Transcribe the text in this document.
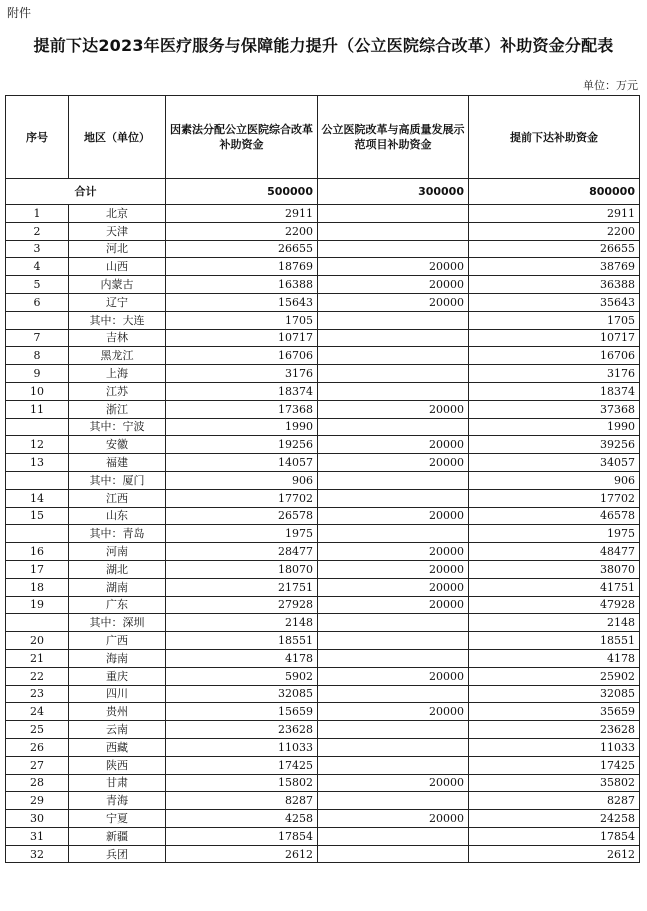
附件
提前下达2023年医疗服务与保障能力提升（公立医院综合改革）补助资金分配表
单位：万元
序号	地区（单位）	因素法分配公立医院综合改革补助资金	公立医院改革与高质量发展示范项目补助资金	提前下达补助资金
合计		500000	300000	800000
1	北京	2911		2911
2	天津	2200		2200
3	河北	26655		26655
4	山西	18769	20000	38769
5	内蒙古	16388	20000	36388
6	辽宁	15643	20000	35643
	其中：大连	1705		1705
7	吉林	10717		10717
8	黑龙江	16706		16706
9	上海	3176		3176
10	江苏	18374		18374
11	浙江	17368	20000	37368
	其中：宁波	1990		1990
12	安徽	19256	20000	39256
13	福建	14057	20000	34057
	其中：厦门	906		906
14	江西	17702		17702
15	山东	26578	20000	46578
	其中：青岛	1975		1975
16	河南	28477	20000	48477
17	湖北	18070	20000	38070
18	湖南	21751	20000	41751
19	广东	27928	20000	47928
	其中：深圳	2148		2148
20	广西	18551		18551
21	海南	4178		4178
22	重庆	5902	20000	25902
23	四川	32085		32085
24	贵州	15659	20000	35659
25	云南	23628		23628
26	西藏	11033		11033
27	陕西	17425		17425
28	甘肃	15802	20000	35802
29	青海	8287		8287
30	宁夏	4258	20000	24258
31	新疆	17854		17854
32	兵团	2612		2612
